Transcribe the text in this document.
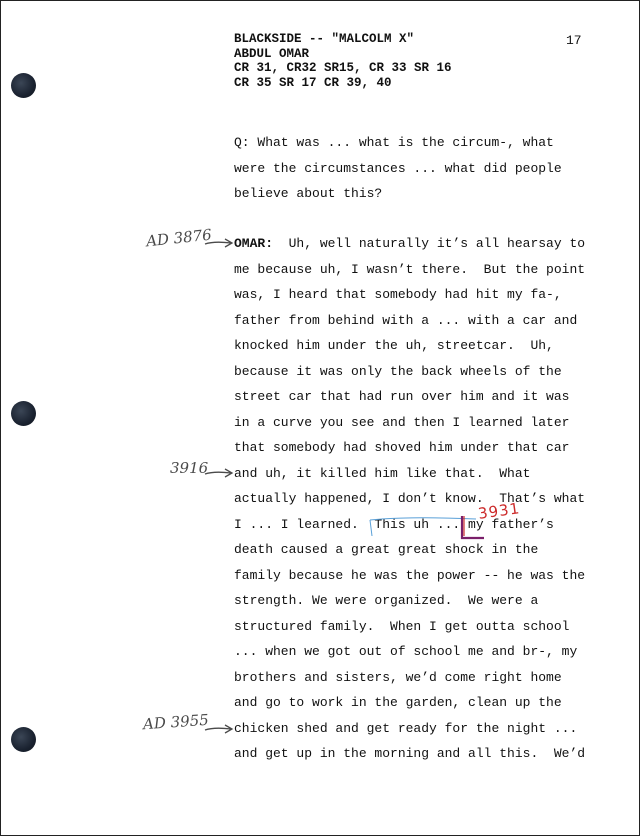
BLACKSIDE -- "MALCOLM X"
ABDUL OMAR
CR 31, CR32 SR15, CR 33 SR 16
CR 35 SR 17 CR 39, 40
17
Q: What was ... what is the circum-, what
were the circumstances ... what did people
believe about this?
OMAR:  Uh, well naturally it’s all hearsay to
me because uh, I wasn’t there.  But the point
was, I heard that somebody had hit my fa-,
father from behind with a ... with a car and
knocked him under the uh, streetcar.  Uh,
because it was only the back wheels of the
street car that had run over him and it was
in a curve you see and then I learned later
that somebody had shoved him under that car
and uh, it killed him like that.  What
actually happened, I don’t know.  That’s what
I ... I learned.  This uh ... my father’s
death caused a great great shock in the
family because he was the power -- he was the
strength. We were organized.  We were a
structured family.  When I get outta school
... when we got out of school me and br-, my
brothers and sisters, we’d come right home
and go to work in the garden, clean up the
chicken shed and get ready for the night ...
and get up in the morning and all this.  We’d
AD 3876
3916
AD 3955
3931
